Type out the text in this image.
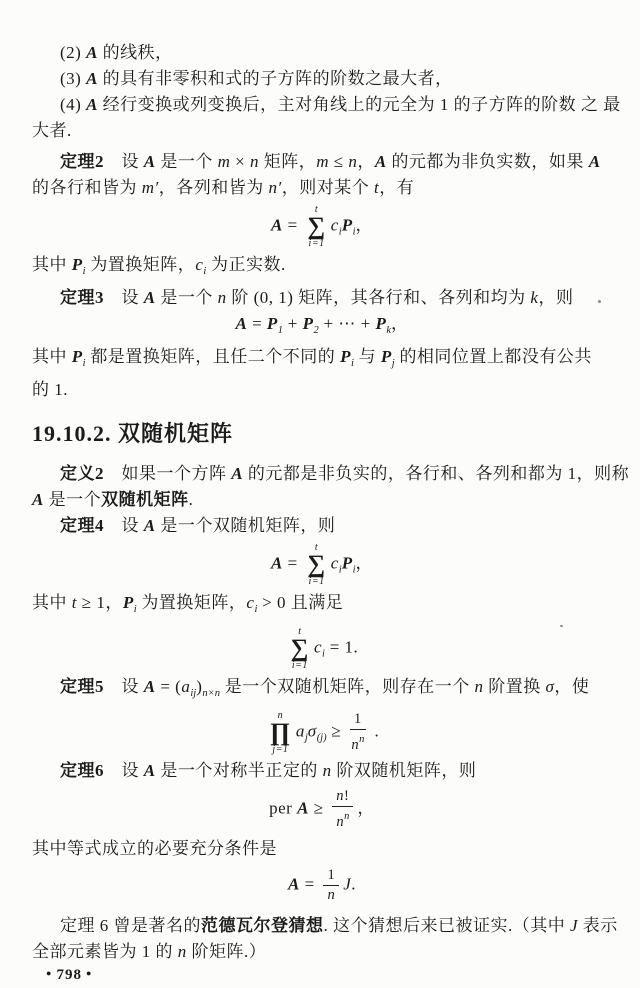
(2) A 的线秩，
(3) A 的具有非零积和式的子方阵的阶数之最大者，
(4) A 经行变换或列变换后，主对角线上的元全为 1 的子方阵的阶数 之 最
大者.
定理2　设 A 是一个 m × n 矩阵，m ≤ n，A 的元都为非负实数，如果 A
的各行和皆为 m′，各列和皆为 n′，则对某个 t，有
A =
t
∑
i=1
$c_iP_i$，
其中 $P_i$ 为置换矩阵，$c_i$ 为正实数.
定理3　设 A 是一个 n 阶 (0, 1) 矩阵，其各行和、各列和均为 k，则
$A = P_1 + P_2$ + ⋯ + $P_k$，
其中 $P_i$ 都是置换矩阵，且任二个不同的 $P_i$ 与 $P_j$ 的相同位置上都没有公共
的 1.
19.10.2. 双随机矩阵
定义2　如果一个方阵 A 的元都是非负实的，各行和、各列和都为 1，则称
A 是一个双随机矩阵.
定理4　设 A 是一个双随机矩阵，则
A =
t
∑
i=1
$c_iP_i$，
其中 t ≥ 1，$P_i$ 为置换矩阵，$c_i > 0$ 且满足
t
∑
i=1
$c_i = 1$.
定理5　设 $A = (a_{ij})_{n\times n}$ 是一个双随机矩阵，则存在一个 n 阶置换 σ，使
n
∏
j=1
$a_j\sigma_{(j)} \ge \frac{1}{n^n}$ .
定理6　设 A 是一个对称半正定的 n 阶双随机矩阵，则
per $A \ge \frac{n!}{n^n}$ ，
其中等式成立的必要充分条件是
$A = \frac{1}{n} J$.
定理 6 曾是著名的范德瓦尔登猜想. 这个猜想后来已被证实.（其中 J 表示
全部元素皆为 1 的 n 阶矩阵.）
● 798 ●
